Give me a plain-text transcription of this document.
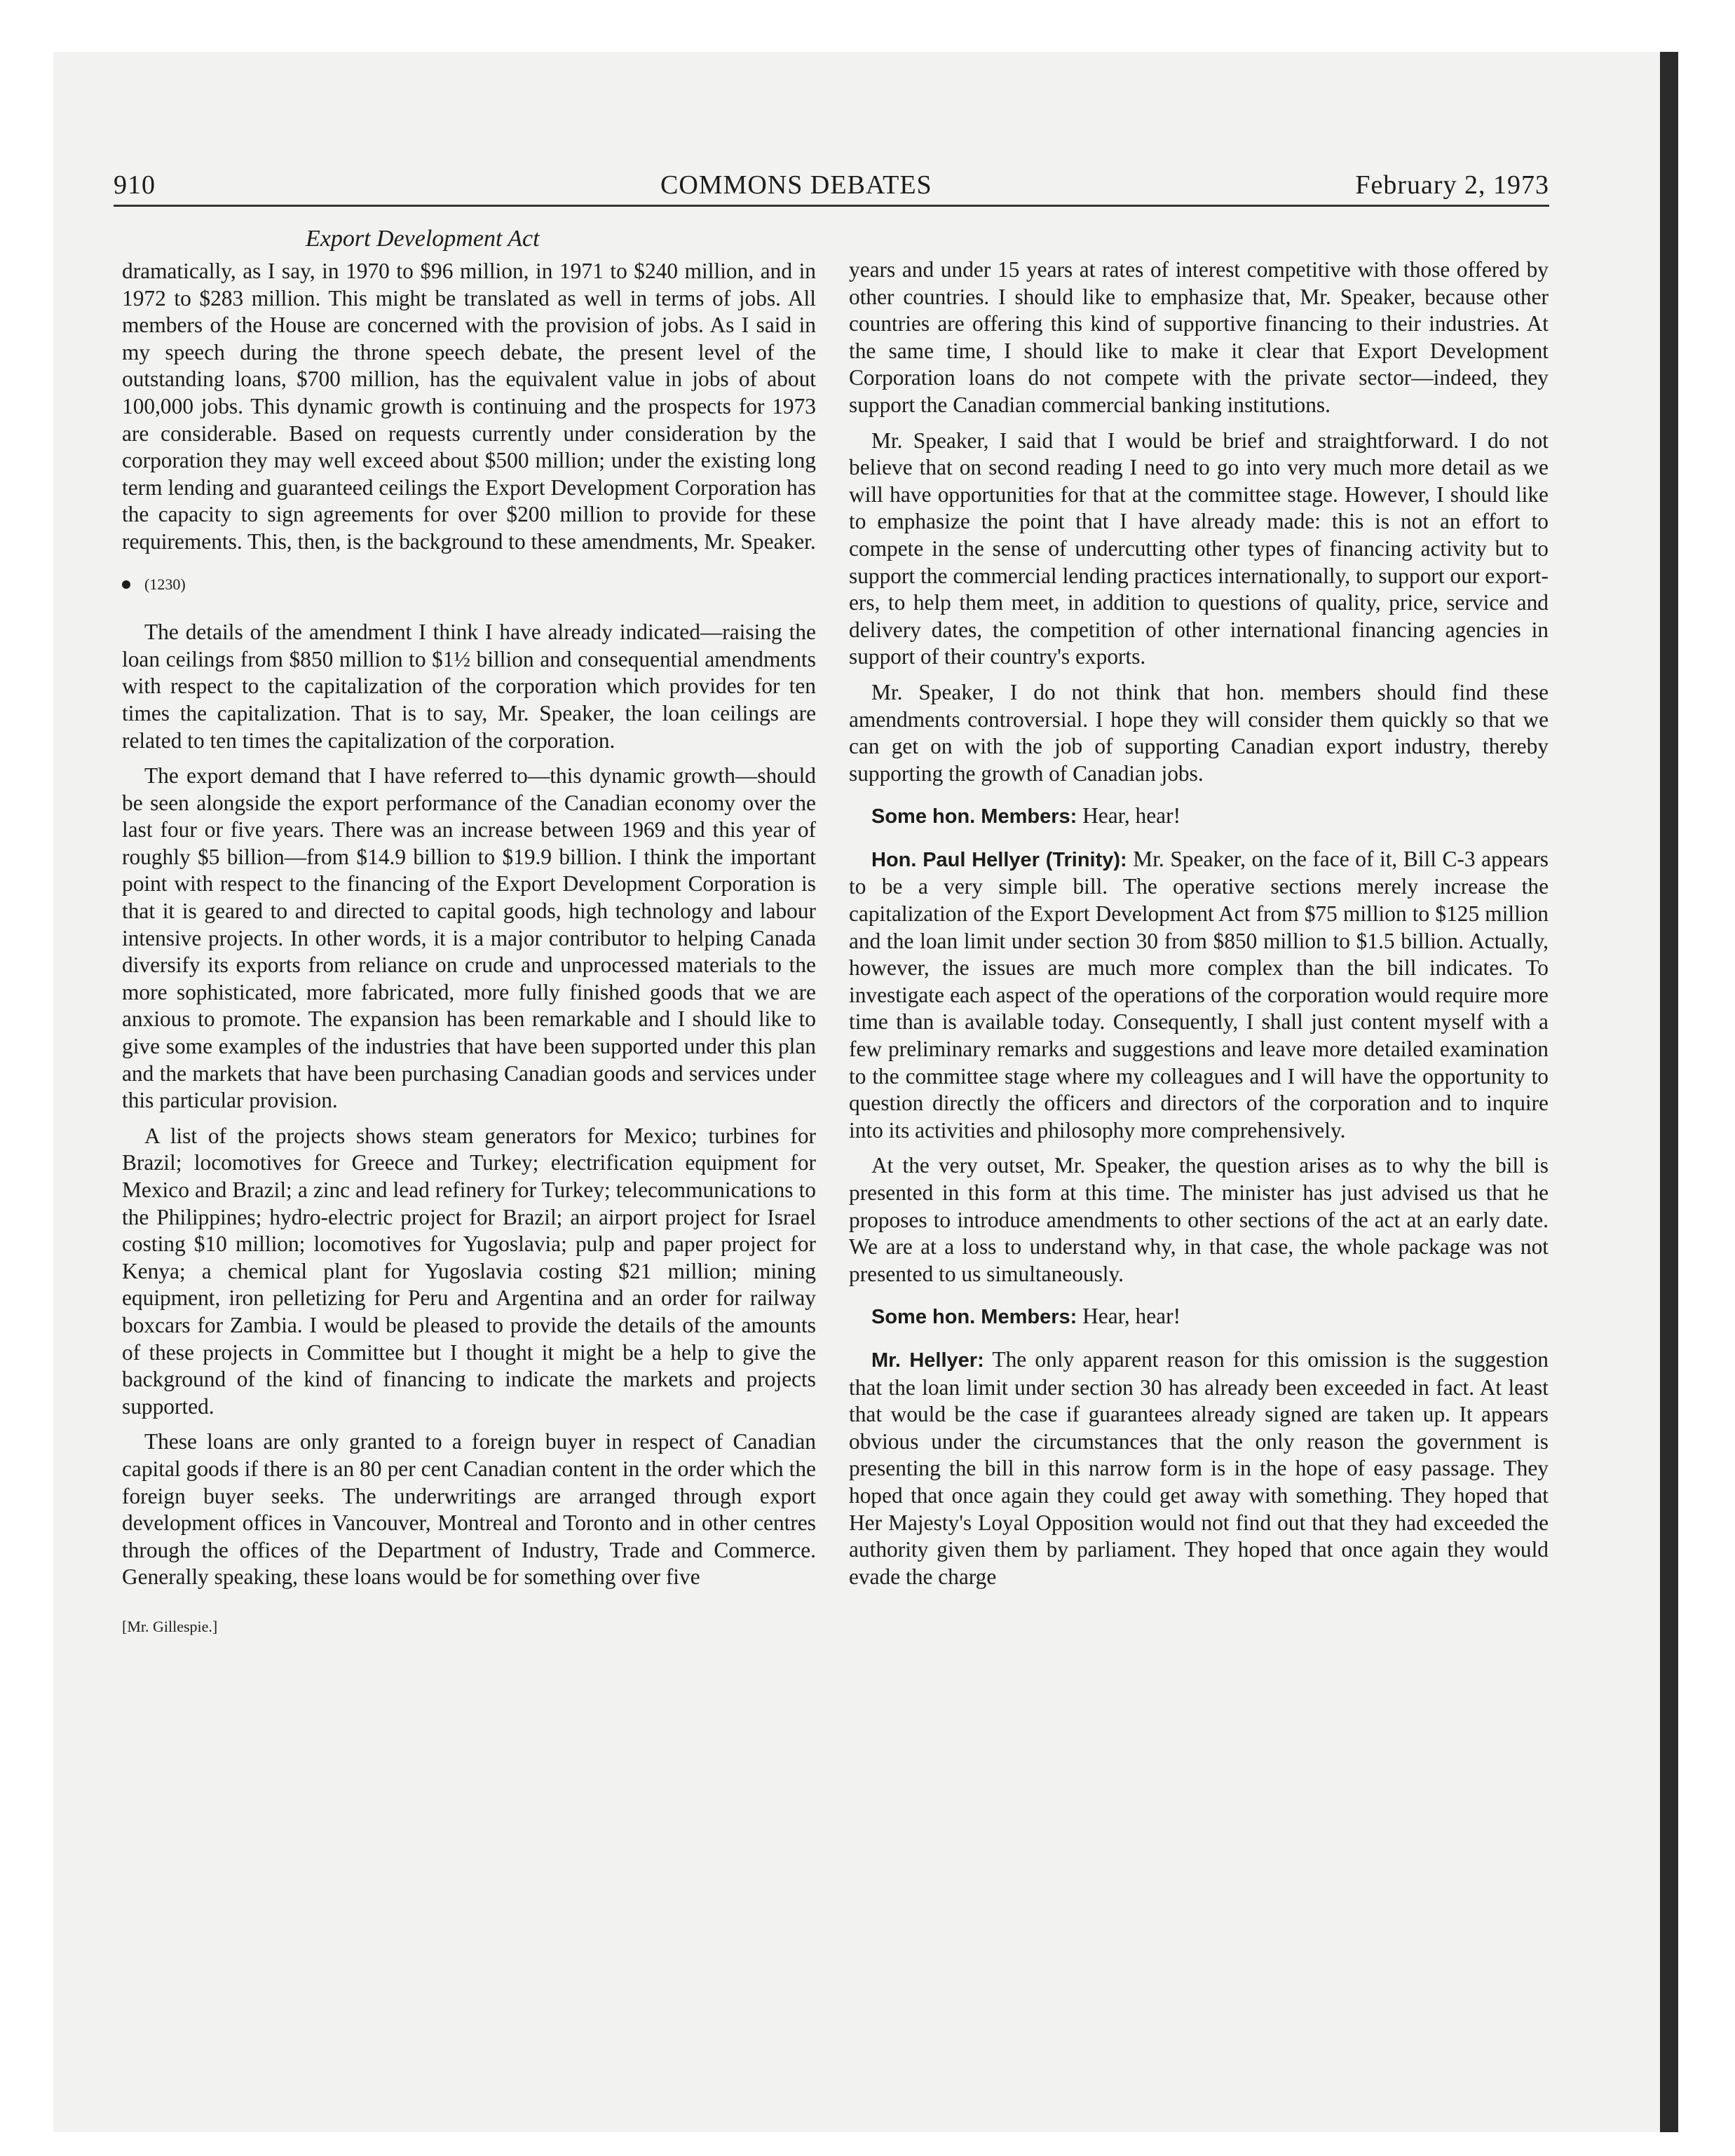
910	COMMONS DEBATES	February 2, 1973
Export Development Act

dramatically, as I say, in 1970 to $96 million, in 1971 to $240 million, and in 1972 to $283 million. This might be translated as well in terms of jobs. All members of the House are concerned with the provision of jobs. As I said in my speech during the throne speech debate, the present level of the outstanding loans, $700 million, has the equivalent value in jobs of about 100,000 jobs. This dynamic growth is continuing and the prospects for 1973 are considerable. Based on requests currently under consideration by the corporation they may well exceed about $500 million; under the existing long term lending and guaranteed ceilings the Export Development Corporation has the capacity to sign agreements for over $200 million to provide for these requirements. This, then, is the background to these amendments, Mr. Speaker.

(1230)

The details of the amendment I think I have already indicated—raising the loan ceilings from $850 million to $1½ billion and consequential amendments with respect to the capitalization of the corporation which provides for ten times the capitalization. That is to say, Mr. Speaker, the loan ceilings are related to ten times the capitalization of the corporation.

The export demand that I have referred to—this dynamic growth—should be seen alongside the export performance of the Canadian economy over the last four or five years. There was an increase between 1969 and this year of roughly $5 billion—from $14.9 billion to $19.9 billion. I think the important point with respect to the financing of the Export Development Corporation is that it is geared to and directed to capital goods, high technology and labour intensive projects. In other words, it is a major contributor to helping Canada diversify its exports from reliance on crude and unprocessed materials to the more sophisticated, more fabricated, more fully finished goods that we are anxious to promote. The expansion has been remarkable and I should like to give some examples of the industries that have been supported under this plan and the markets that have been purchasing Canadian goods and services under this particular provision.

A list of the projects shows steam generators for Mexico; turbines for Brazil; locomotives for Greece and Turkey; electrification equipment for Mexico and Brazil; a zinc and lead refinery for Turkey; telecommunications to the Philippines; hydro-electric project for Brazil; an airport project for Israel costing $10 million; locomotives for Yugoslavia; pulp and paper project for Kenya; a chemical plant for Yugoslavia costing $21 million; mining equipment, iron pelletizing for Peru and Argentina and an order for railway boxcars for Zambia. I would be pleased to provide the details of the amounts of these projects in Committee but I thought it might be a help to give the background of the kind of financing to indicate the markets and projects supported.

These loans are only granted to a foreign buyer in respect of Canadian capital goods if there is an 80 per cent Canadian content in the order which the foreign buyer seeks. The underwritings are arranged through export development offices in Vancouver, Montreal and Toronto and in other centres through the offices of the Department of Industry, Trade and Commerce. Generally speaking, these loans would be for something over five

[Mr. Gillespie.]

years and under 15 years at rates of interest competitive with those offered by other countries. I should like to emphasize that, Mr. Speaker, because other countries are offering this kind of supportive financing to their industries. At the same time, I should like to make it clear that Export Development Corporation loans do not compete with the private sector—indeed, they support the Canadian commercial banking institutions.

Mr. Speaker, I said that I would be brief and straightforward. I do not believe that on second reading I need to go into very much more detail as we will have opportunities for that at the committee stage. However, I should like to emphasize the point that I have already made: this is not an effort to compete in the sense of undercutting other types of financing activity but to support the commercial lending practices internationally, to support our exporters, to help them meet, in addition to questions of quality, price, service and delivery dates, the competition of other international financing agencies in support of their country's exports.

Mr. Speaker, I do not think that hon. members should find these amendments controversial. I hope they will consider them quickly so that we can get on with the job of supporting Canadian export industry, thereby supporting the growth of Canadian jobs.

Some hon. Members: Hear, hear!

Hon. Paul Hellyer (Trinity): Mr. Speaker, on the face of it, Bill C-3 appears to be a very simple bill. The operative sections merely increase the capitalization of the Export Development Act from $75 million to $125 million and the loan limit under section 30 from $850 million to $1.5 billion. Actually, however, the issues are much more complex than the bill indicates. To investigate each aspect of the operations of the corporation would require more time than is available today. Consequently, I shall just content myself with a few preliminary remarks and suggestions and leave more detailed examination to the committee stage where my colleagues and I will have the opportunity to question directly the officers and directors of the corporation and to inquire into its activities and philosophy more comprehensively.

At the very outset, Mr. Speaker, the question arises as to why the bill is presented in this form at this time. The minister has just advised us that he proposes to introduce amendments to other sections of the act at an early date. We are at a loss to understand why, in that case, the whole package was not presented to us simultaneously.

Some hon. Members: Hear, hear!

Mr. Hellyer: The only apparent reason for this omission is the suggestion that the loan limit under section 30 has already been exceeded in fact. At least that would be the case if guarantees already signed are taken up. It appears obvious under the circumstances that the only reason the government is presenting the bill in this narrow form is in the hope of easy passage. They hoped that once again they could get away with something. They hoped that Her Majesty's Loyal Opposition would not find out that they had exceeded the authority given them by parliament. They hoped that once again they would evade the charge
